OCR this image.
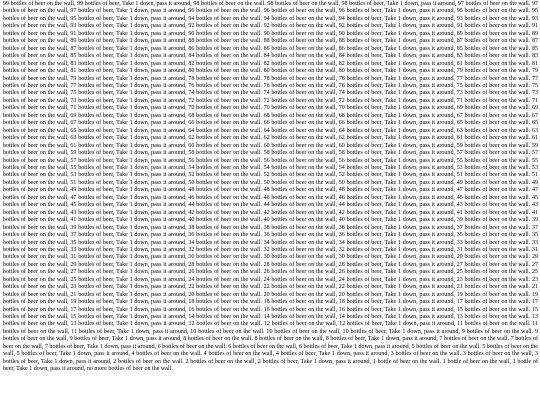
99 bottles of beer on the wall, 99 bottles of beer, Take 1 down, pass it around, 98 bottles of beer on the wall. 98 bottles of beer on the wall, 98 bottles of beer, Take 1 down, pass it around, 97 bottles of beer on the wall. 97 bottles of beer on the wall, 97 bottles of beer, Take 1 down, pass it around, 96 bottles of beer on the wall. 96 bottles of beer on the wall, 96 bottles of beer, Take 1 down, pass it around, 95 bottles of beer on the wall. 95 bottles of beer on the wall, 95 bottles of beer, Take 1 down, pass it around, 94 bottles of beer on the wall. 94 bottles of beer on the wall, 94 bottles of beer, Take 1 down, pass it around, 93 bottles of beer on the wall. 93 bottles of beer on the wall, 93 bottles of beer, Take 1 down, pass it around, 92 bottles of beer on the wall. 92 bottles of beer on the wall, 92 bottles of beer, Take 1 down, pass it around, 91 bottles of beer on the wall. 91 bottles of beer on the wall, 91 bottles of beer, Take 1 down, pass it around, 90 bottles of beer on the wall. 90 bottles of beer on the wall, 90 bottles of beer, Take 1 down, pass it around, 89 bottles of beer on the wall. 89 bottles of beer on the wall, 89 bottles of beer, Take 1 down, pass it around, 88 bottles of beer on the wall. 88 bottles of beer on the wall, 88 bottles of beer, Take 1 down, pass it around, 87 bottles of beer on the wall. 87 bottles of beer on the wall, 87 bottles of beer, Take 1 down, pass it around, 86 bottles of beer on the wall. 86 bottles of beer on the wall, 86 bottles of beer, Take 1 down, pass it around, 85 bottles of beer on the wall. 85 bottles of beer on the wall, 85 bottles of beer, Take 1 down, pass it around, 84 bottles of beer on the wall. 84 bottles of beer on the wall, 84 bottles of beer, Take 1 down, pass it around, 83 bottles of beer on the wall. 83 bottles of beer on the wall, 83 bottles of beer, Take 1 down, pass it around, 82 bottles of beer on the wall. 82 bottles of beer on the wall, 82 bottles of beer, Take 1 down, pass it around, 81 bottles of beer on the wall. 81 bottles of beer on the wall, 81 bottles of beer, Take 1 down, pass it around, 80 bottles of beer on the wall. 80 bottles of beer on the wall, 80 bottles of beer, Take 1 down, pass it around, 79 bottles of beer on the wall. 79 bottles of beer on the wall, 79 bottles of beer, Take 1 down, pass it around, 78 bottles of beer on the wall. 78 bottles of beer on the wall, 78 bottles of beer, Take 1 down, pass it around, 77 bottles of beer on the wall. 77 bottles of beer on the wall, 77 bottles of beer, Take 1 down, pass it around, 76 bottles of beer on the wall. 76 bottles of beer on the wall, 76 bottles of beer, Take 1 down, pass it around, 75 bottles of beer on the wall. 75 bottles of beer on the wall, 75 bottles of beer, Take 1 down, pass it around, 74 bottles of beer on the wall. 74 bottles of beer on the wall, 74 bottles of beer, Take 1 down, pass it around, 73 bottles of beer on the wall. 73 bottles of beer on the wall, 73 bottles of beer, Take 1 down, pass it around, 72 bottles of beer on the wall. 72 bottles of beer on the wall, 72 bottles of beer, Take 1 down, pass it around, 71 bottles of beer on the wall. 71 bottles of beer on the wall, 71 bottles of beer, Take 1 down, pass it around, 70 bottles of beer on the wall. 70 bottles of beer on the wall, 70 bottles of beer, Take 1 down, pass it around, 69 bottles of beer on the wall. 69 bottles of beer on the wall, 69 bottles of beer, Take 1 down, pass it around, 68 bottles of beer on the wall. 68 bottles of beer on the wall, 68 bottles of beer, Take 1 down, pass it around, 67 bottles of beer on the wall. 67 bottles of beer on the wall, 67 bottles of beer, Take 1 down, pass it around, 66 bottles of beer on the wall. 66 bottles of beer on the wall, 66 bottles of beer, Take 1 down, pass it around, 65 bottles of beer on the wall. 65 bottles of beer on the wall, 65 bottles of beer, Take 1 down, pass it around, 64 bottles of beer on the wall. 64 bottles of beer on the wall, 64 bottles of beer, Take 1 down, pass it around, 63 bottles of beer on the wall. 63 bottles of beer on the wall, 63 bottles of beer, Take 1 down, pass it around, 62 bottles of beer on the wall. 62 bottles of beer on the wall, 62 bottles of beer, Take 1 down, pass it around, 61 bottles of beer on the wall. 61 bottles of beer on the wall, 61 bottles of beer, Take 1 down, pass it around, 60 bottles of beer on the wall. 60 bottles of beer on the wall, 60 bottles of beer, Take 1 down, pass it around, 59 bottles of beer on the wall. 59 bottles of beer on the wall, 59 bottles of beer, Take 1 down, pass it around, 58 bottles of beer on the wall. 58 bottles of beer on the wall, 58 bottles of beer, Take 1 down, pass it around, 57 bottles of beer on the wall. 57 bottles of beer on the wall, 57 bottles of beer, Take 1 down, pass it around, 56 bottles of beer on the wall. 56 bottles of beer on the wall, 56 bottles of beer, Take 1 down, pass it around, 55 bottles of beer on the wall. 55 bottles of beer on the wall, 55 bottles of beer, Take 1 down, pass it around, 54 bottles of beer on the wall. 54 bottles of beer on the wall, 54 bottles of beer, Take 1 down, pass it around, 53 bottles of beer on the wall. 53 bottles of beer on the wall, 53 bottles of beer, Take 1 down, pass it around, 52 bottles of beer on the wall. 52 bottles of beer on the wall, 52 bottles of beer, Take 1 down, pass it around, 51 bottles of beer on the wall. 51 bottles of beer on the wall, 51 bottles of beer, Take 1 down, pass it around, 50 bottles of beer on the wall. 50 bottles of beer on the wall, 50 bottles of beer, Take 1 down, pass it around, 49 bottles of beer on the wall. 49 bottles of beer on the wall, 49 bottles of beer, Take 1 down, pass it around, 48 bottles of beer on the wall. 48 bottles of beer on the wall, 48 bottles of beer, Take 1 down, pass it around, 47 bottles of beer on the wall. 47 bottles of beer on the wall, 47 bottles of beer, Take 1 down, pass it around, 46 bottles of beer on the wall. 46 bottles of beer on the wall, 46 bottles of beer, Take 1 down, pass it around, 45 bottles of beer on the wall. 45 bottles of beer on the wall, 45 bottles of beer, Take 1 down, pass it around, 44 bottles of beer on the wall. 44 bottles of beer on the wall, 44 bottles of beer, Take 1 down, pass it around, 43 bottles of beer on the wall. 43 bottles of beer on the wall, 43 bottles of beer, Take 1 down, pass it around, 42 bottles of beer on the wall. 42 bottles of beer on the wall, 42 bottles of beer, Take 1 down, pass it around, 41 bottles of beer on the wall. 41 bottles of beer on the wall, 41 bottles of beer, Take 1 down, pass it around, 40 bottles of beer on the wall. 40 bottles of beer on the wall, 40 bottles of beer, Take 1 down, pass it around, 39 bottles of beer on the wall. 39 bottles of beer on the wall, 39 bottles of beer, Take 1 down, pass it around, 38 bottles of beer on the wall. 38 bottles of beer on the wall, 38 bottles of beer, Take 1 down, pass it around, 37 bottles of beer on the wall. 37 bottles of beer on the wall, 37 bottles of beer, Take 1 down, pass it around, 36 bottles of beer on the wall. 36 bottles of beer on the wall, 36 bottles of beer, Take 1 down, pass it around, 35 bottles of beer on the wall. 35 bottles of beer on the wall, 35 bottles of beer, Take 1 down, pass it around, 34 bottles of beer on the wall. 34 bottles of beer on the wall, 34 bottles of beer, Take 1 down, pass it around, 33 bottles of beer on the wall. 33 bottles of beer on the wall, 33 bottles of beer, Take 1 down, pass it around, 32 bottles of beer on the wall. 32 bottles of beer on the wall, 32 bottles of beer, Take 1 down, pass it around, 31 bottles of beer on the wall. 31 bottles of beer on the wall, 31 bottles of beer, Take 1 down, pass it around, 30 bottles of beer on the wall. 30 bottles of beer on the wall, 30 bottles of beer, Take 1 down, pass it around, 29 bottles of beer on the wall. 29 bottles of beer on the wall, 29 bottles of beer, Take 1 down, pass it around, 28 bottles of beer on the wall. 28 bottles of beer on the wall, 28 bottles of beer, Take 1 down, pass it around, 27 bottles of beer on the wall. 27 bottles of beer on the wall, 27 bottles of beer, Take 1 down, pass it around, 26 bottles of beer on the wall. 26 bottles of beer on the wall, 26 bottles of beer, Take 1 down, pass it around, 25 bottles of beer on the wall. 25 bottles of beer on the wall, 25 bottles of beer, Take 1 down, pass it around, 24 bottles of beer on the wall. 24 bottles of beer on the wall, 24 bottles of beer, Take 1 down, pass it around, 23 bottles of beer on the wall. 23 bottles of beer on the wall, 23 bottles of beer, Take 1 down, pass it around, 22 bottles of beer on the wall. 22 bottles of beer on the wall, 22 bottles of beer, Take 1 down, pass it around, 21 bottles of beer on the wall. 21 bottles of beer on the wall, 21 bottles of beer, Take 1 down, pass it around, 20 bottles of beer on the wall. 20 bottles of beer on the wall, 20 bottles of beer, Take 1 down, pass it around, 19 bottles of beer on the wall. 19 bottles of beer on the wall, 19 bottles of beer, Take 1 down, pass it around, 18 bottles of beer on the wall. 18 bottles of beer on the wall, 18 bottles of beer, Take 1 down, pass it around, 17 bottles of beer on the wall. 17 bottles of beer on the wall, 17 bottles of beer, Take 1 down, pass it around, 16 bottles of beer on the wall. 16 bottles of beer on the wall, 16 bottles of beer, Take 1 down, pass it around, 15 bottles of beer on the wall. 15 bottles of beer on the wall, 15 bottles of beer, Take 1 down, pass it around, 14 bottles of beer on the wall. 14 bottles of beer on the wall, 14 bottles of beer, Take 1 down, pass it around, 13 bottles of beer on the wall. 13 bottles of beer on the wall, 13 bottles of beer, Take 1 down, pass it around, 12 bottles of beer on the wall. 12 bottles of beer on the wall, 12 bottles of beer, Take 1 down, pass it around, 11 bottles of beer on the wall. 11 bottles of beer on the wall, 11 bottles of beer, Take 1 down, pass it around, 10 bottles of beer on the wall. 10 bottles of beer on the wall, 10 bottles of beer, Take 1 down, pass it around, 9 bottles of beer on the wall. 9 bottles of beer on the wall, 9 bottles of beer, Take 1 down, pass it around, 8 bottles of beer on the wall. 8 bottles of beer on the wall, 8 bottles of beer, Take 1 down, pass it around, 7 bottles of beer on the wall. 7 bottles of beer on the wall, 7 bottles of beer, Take 1 down, pass it around, 6 bottles of beer on the wall. 6 bottles of beer on the wall, 6 bottles of beer, Take 1 down, pass it around, 5 bottles of beer on the wall. 5 bottles of beer on the wall, 5 bottles of beer, Take 1 down, pass it around, 4 bottles of beer on the wall. 4 bottles of beer on the wall, 4 bottles of beer, Take 1 down, pass it around, 3 bottles of beer on the wall. 3 bottles of beer on the wall, 3 bottles of beer, Take 1 down, pass it around, 2 bottles of beer on the wall. 2 bottles of beer on the wall, 2 bottles of beer, Take 1 down, pass it around, 1 bottle of beer on the wall. 1 bottle of beer on the wall, 1 bottle of beer, Take 1 down, pass it around, no more bottles of beer on the wall.
